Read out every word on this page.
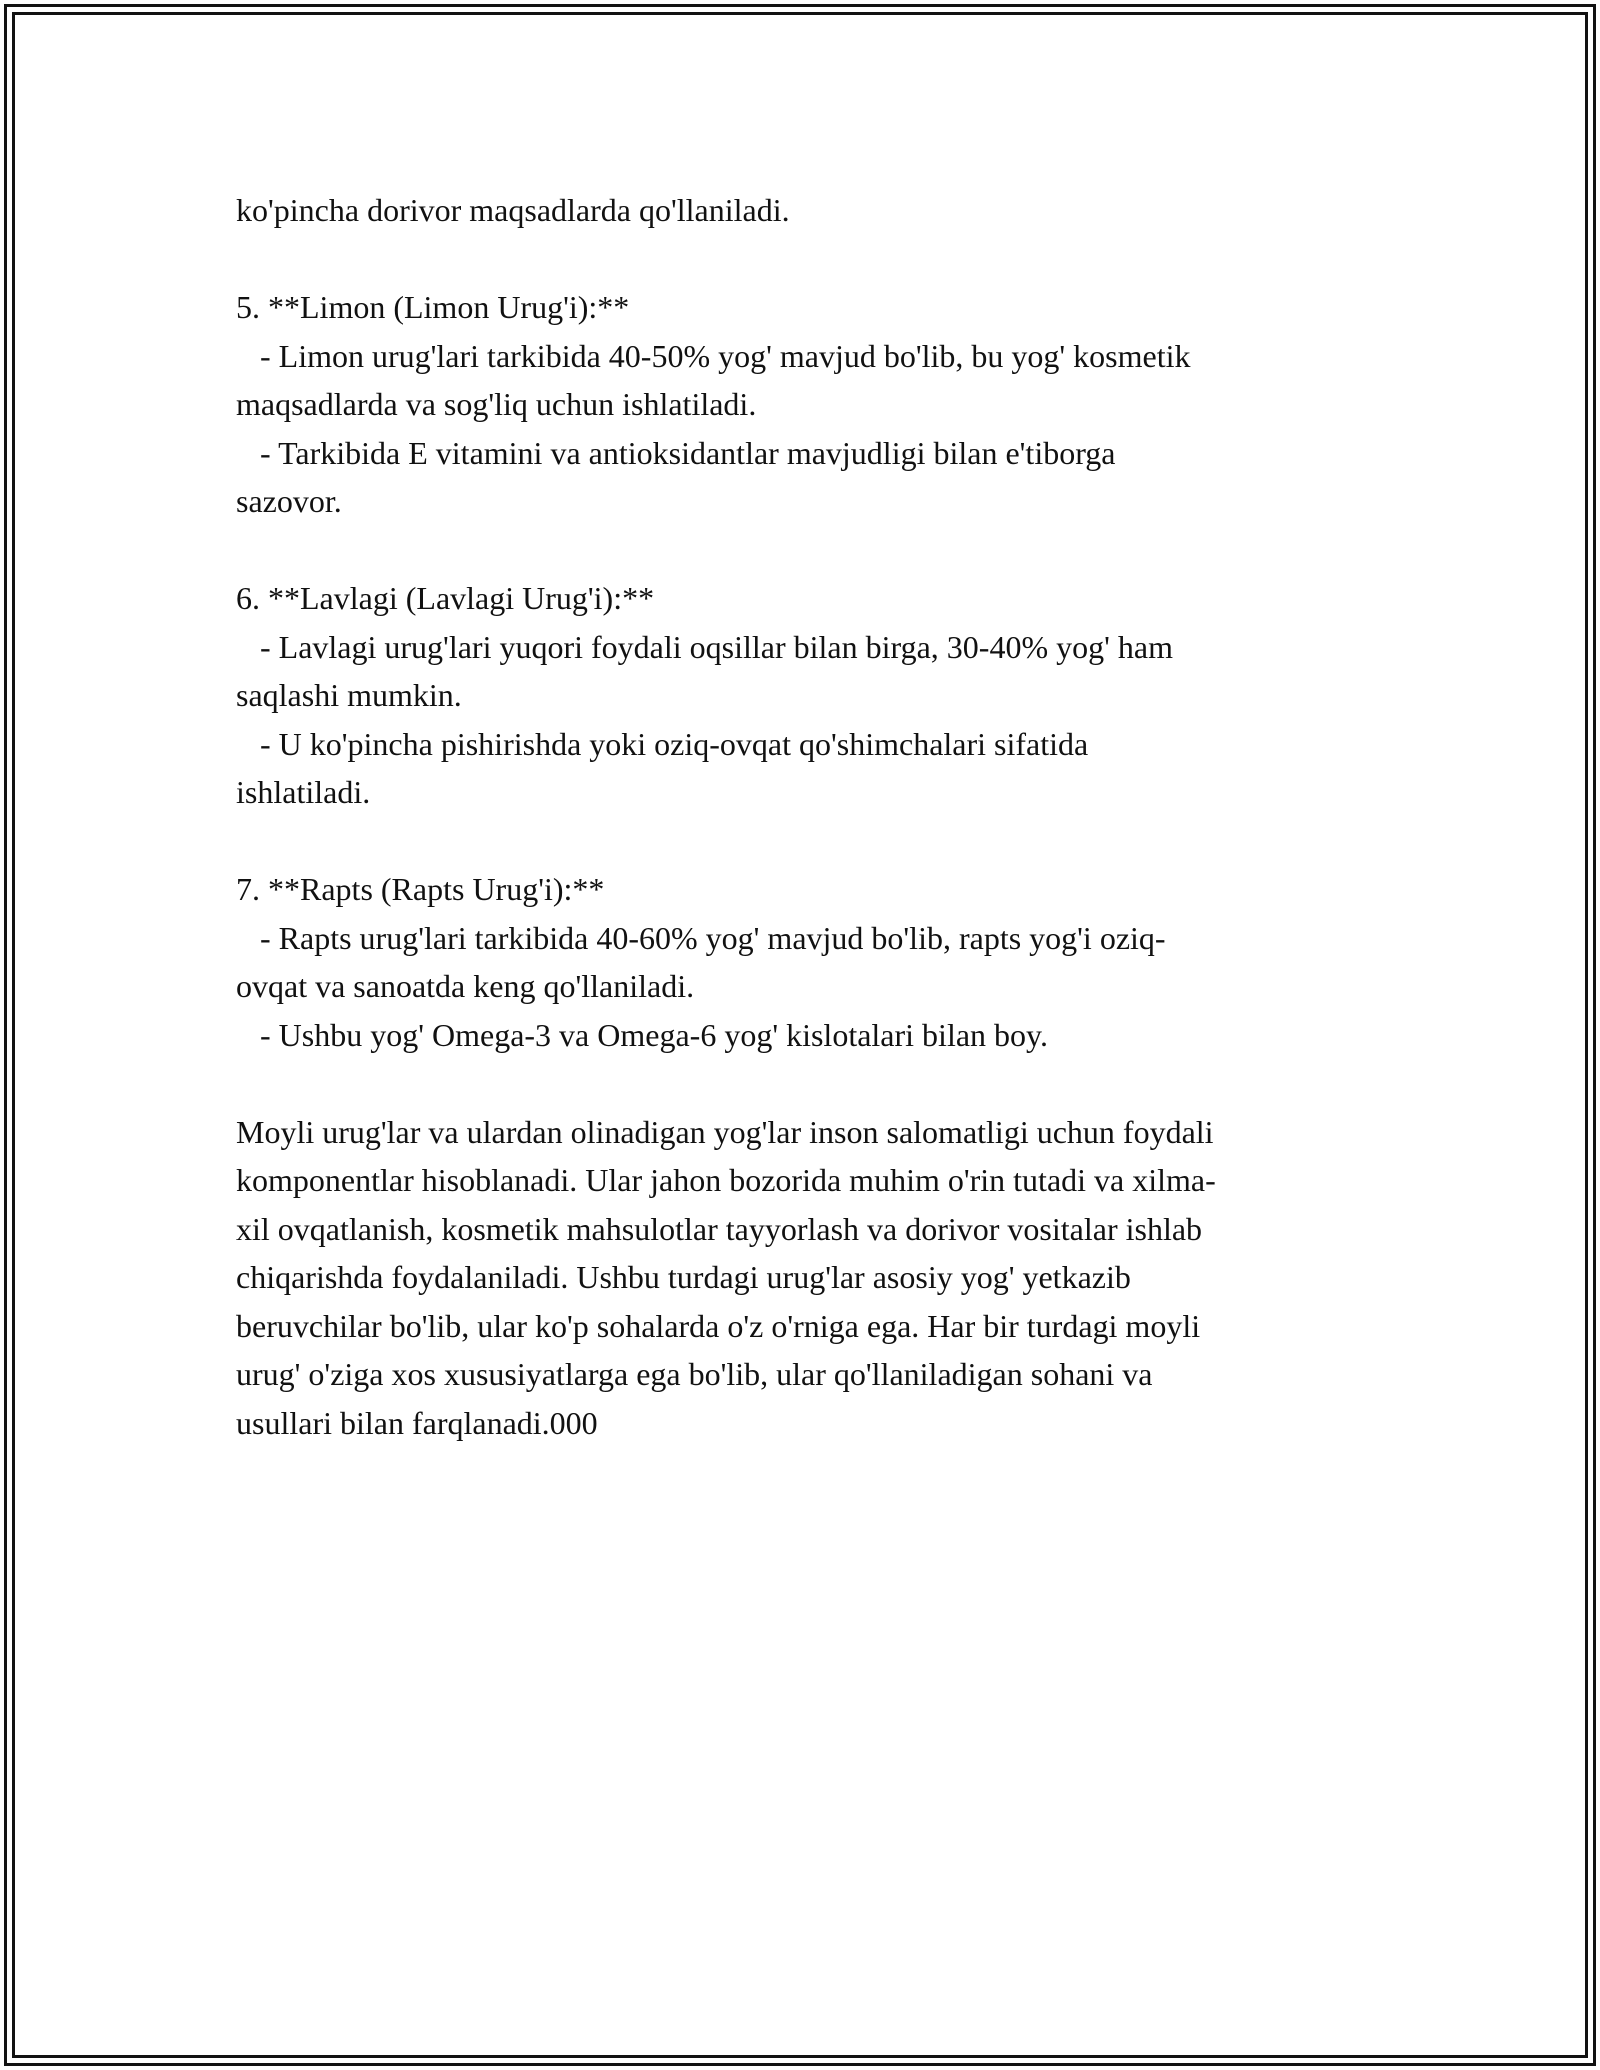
ko'pincha dorivor maqsadlarda qo'llaniladi.

5. **Limon (Limon Urug'i):**

- Limon urug'lari tarkibida 40-50% yog' mavjud bo'lib, bu yog' kosmetik

maqsadlarda va sog'liq uchun ishlatiladi.

- Tarkibida E vitamini va antioksidantlar mavjudligi bilan e'tiborga

sazovor.

6. **Lavlagi (Lavlagi Urug'i):**

- Lavlagi urug'lari yuqori foydali oqsillar bilan birga, 30-40% yog' ham

saqlashi mumkin.

- U ko'pincha pishirishda yoki oziq-ovqat qo'shimchalari sifatida

ishlatiladi.

7. **Rapts (Rapts Urug'i):**

- Rapts urug'lari tarkibida 40-60% yog' mavjud bo'lib, rapts yog'i oziq-

ovqat va sanoatda keng qo'llaniladi.

- Ushbu yog' Omega-3 va Omega-6 yog' kislotalari bilan boy.

Moyli urug'lar va ulardan olinadigan yog'lar inson salomatligi uchun foydali

komponentlar hisoblanadi. Ular jahon bozorida muhim o'rin tutadi va xilma-

xil ovqatlanish, kosmetik mahsulotlar tayyorlash va dorivor vositalar ishlab

chiqarishda foydalaniladi. Ushbu turdagi urug'lar asosiy yog' yetkazib

beruvchilar bo'lib, ular ko'p sohalarda o'z o'rniga ega. Har bir turdagi moyli

urug' o'ziga xos xususiyatlarga ega bo'lib, ular qo'llaniladigan sohani va

usullari bilan farqlanadi.000
